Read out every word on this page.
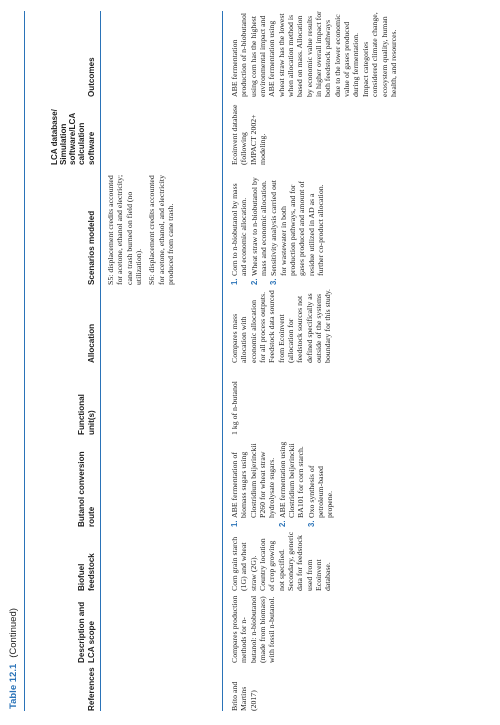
Table 12.1(Continued)
References
Description and LCA scope
Biofuel feedstock
Butanol conversion route
Functional unit(s)
Allocation
Scenarios modeled
LCA database/ Simulation software/LCA calculation software
Outcomes

S5: displacement credits accounted for acetone, ethanol and electricity; cane trash burned on field (no utilization). S6: displacement credits accounted for acetone, ethanol, and electricity produced from cane trash.

Brito and Martins (2017)
Compares production methods for n-butanol: n-biobutanol (made from biomass) with fossil n-butanol.
Corn grain starch (1G) and wheat straw (2G). Country location of crop growing not specified. Secondary, generic data for feedstock used from Ecoinvent database.
1.
ABE fermentation of biomass sugars using Clostridium beijerinckii P260 for wheat straw hydrolysate sugars.
2.
ABE fermentation using Clostridium beijerinckii BA101 for corn starch.
3.
Oxo synthesis of petroleum-based propene.
1 kg of n-butanol
Compares mass allocation with economic allocation for all process outputs. Feedstock data sourced from Ecoinvent (allocation for feedstock sources not defined specifically as outside of the systems boundary for this study.
1.
Corn to n-biobutanol by mass and economic allocation.
2.
Wheat straw to n-biobutanol by mass and economic allocation.
3.
Sensitivity analysis carried out for wastewater in both production pathways, and for gases produced and amount of residue utilized in AD as a further co-product allocation.
Ecoinvent database (following IMPACT 2002+ modeling.
ABE fermentation production of n-biobutanol using corn has the highest environmental impact and ABE fermentation using wheat straw has the lowest when allocation method is based on mass. Allocation by economic value results in higher overall impact for both feedstock pathways due to the lower economic value of gases produced during fermentation. Impact categories considered climate change, ecosystem quality, human health, and resources.
